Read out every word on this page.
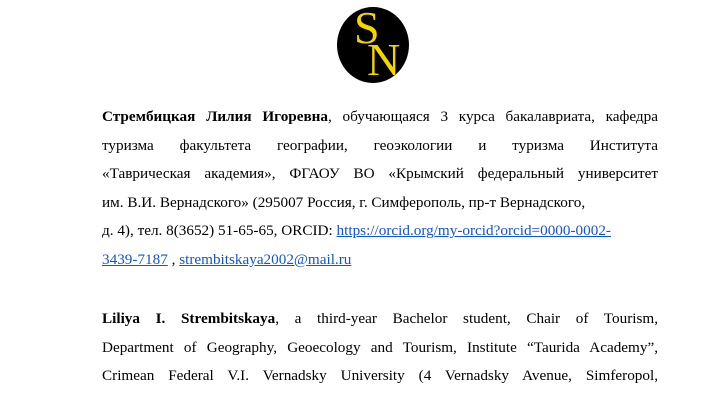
S
N
Стрембицкая Лилия Игоревна, обучающаяся 3 курса бакалавриата, кафедра
туризма факультета географии, геоэкологии и туризма Института
«Таврическая академия», ФГАОУ ВО «Крымский федеральный университет
им. В.И. Вернадского» (295007 Россия, г. Симферополь, пр-т Вернадского,
д. 4), тел. 8(3652) 51-65-65, ORCID: https://orcid.org/my-orcid?orcid=0000-0002-
3439-7187 , strembitskaya2002@mail.ru
Liliya I. Strembitskaya, a third-year Bachelor student, Chair of Tourism,
Department of Geography, Geoecology and Tourism, Institute “Taurida Academy”,
Crimean Federal V.I. Vernadsky University (4 Vernadsky Avenue, Simferopol,
